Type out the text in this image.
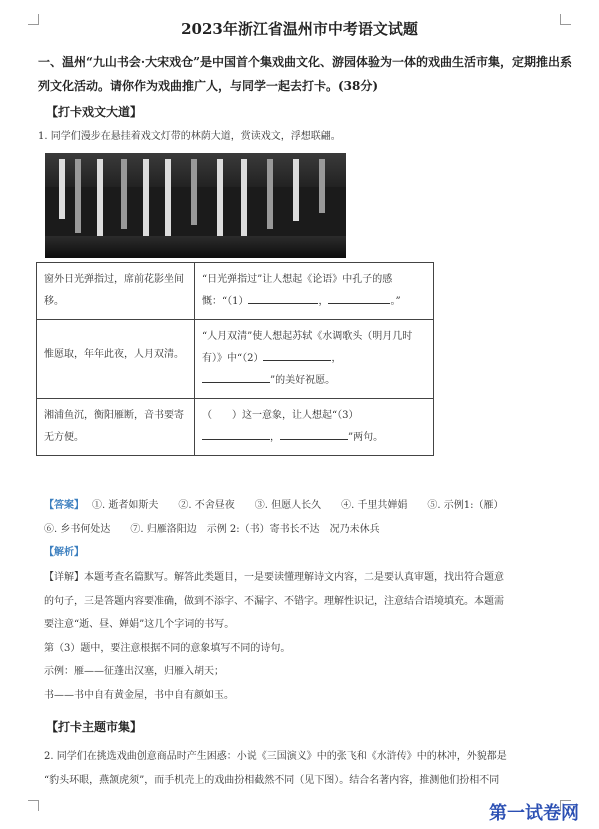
2023年浙江省温州市中考语文试题
一、温州“九山书会·大宋戏仓”是中国首个集戏曲文化、游园体验为一体的戏曲生活市集，定期推出系列文化活动。请你作为戏曲推广人，与同学一起去打卡。(38分)
【打卡戏文大道】
1. 同学们漫步在悬挂着戏文灯带的林荫大道，赏读戏文，浮想联翩。
窗外日光弹指过，席前花影坐间移。	“日光弹指过”让人想起《论语》中孔子的感慨：“（1） ， 。”
惟愿取，年年此夜，人月双清。	“人月双清”使人想起苏轼《水调歌头（明月几时有）》中“（2） ，
”的美好祝愿。
湘浦鱼沉，衡阳雁断，音书要寄无方便。	（　　）这一意象，让人想起“（3）
， ”两句。
【答案】 ①. 逝者如斯夫　　②. 不舍昼夜　　③. 但愿人长久　　④. 千里共婵娟　　⑤. 示例1:（雁）
⑥. 乡书何处达　　⑦. 归雁洛阳边　示例 2:（书）寄书长不达　况乃未休兵
【解析】
【详解】本题考查名篇默写。解答此类题目，一是要读懂理解诗文内容，二是要认真审题，找出符合题意
的句子，三是答题内容要准确，做到不添字、不漏字、不错字。理解性识记，注意结合语境填充。本题需
要注意“逝、昼、婵娟”这几个字词的书写。
第（3）题中，要注意根据不同的意象填写不同的诗句。
示例：雁——征蓬出汉塞，归雁入胡天；
书——书中自有黄金屋，书中自有颜如玉。
【打卡主题市集】
2. 同学们在挑选戏曲创意商品时产生困惑：小说《三国演义》中的张飞和《水浒传》中的林冲，外貌都是
“豹头环眼，燕颔虎须”，而手机壳上的戏曲扮相截然不同（见下图）。结合名著内容，推测他们扮相不同
第一试卷网
